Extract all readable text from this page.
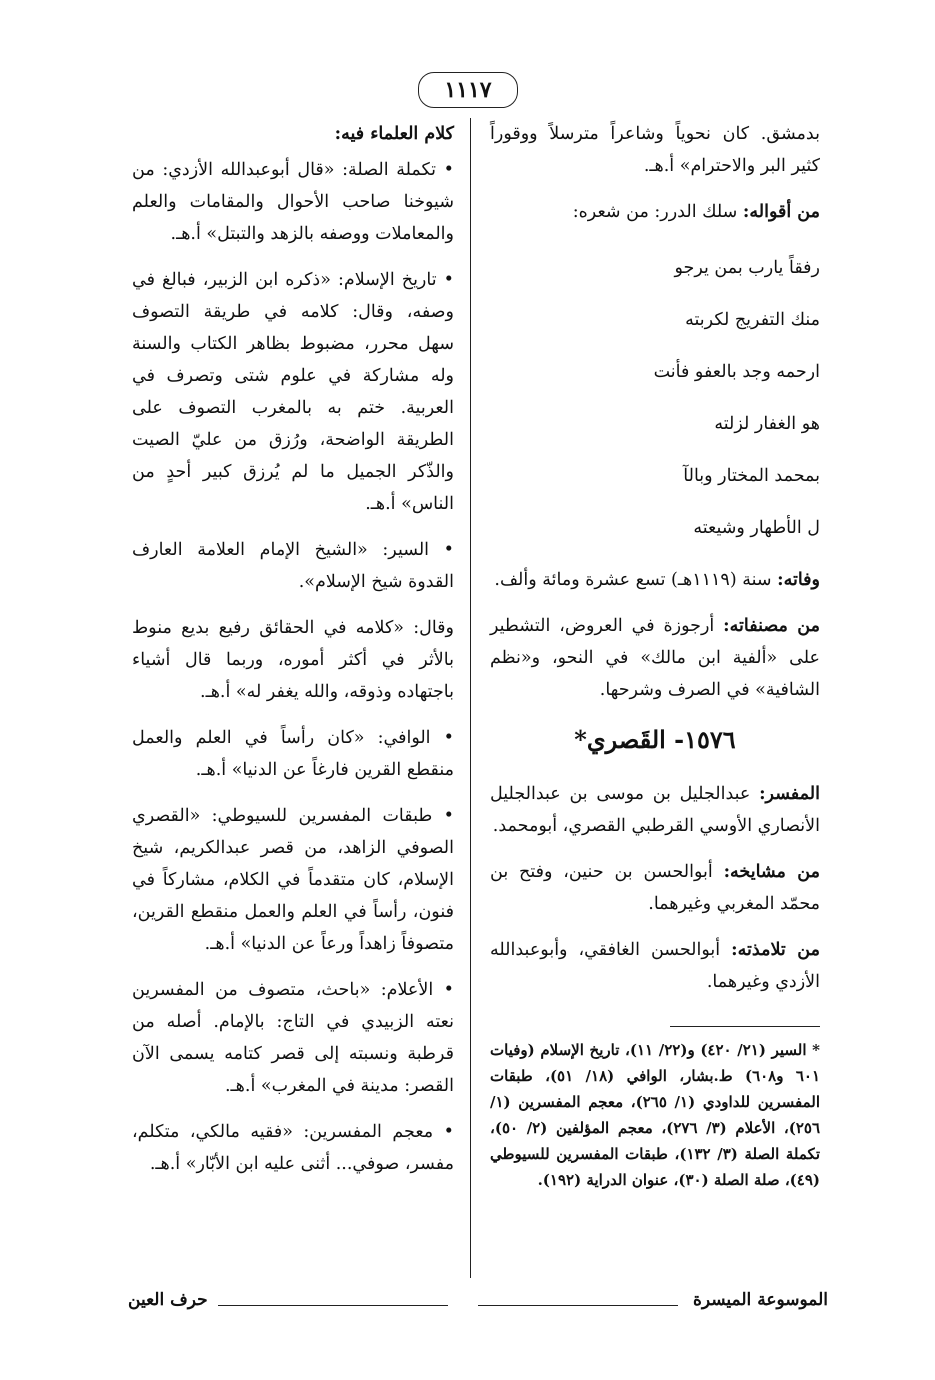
١١١٧

بدمشق. كان نحوياً وشاعراً مترسلاً ووقوراً كثير البر والاحترام» أ.هـ.

من أقواله: سلك الدرر: من شعره:

رفقاً يارب بمن يرجو
منك التفريج لكربته
ارحمه وجد بالعفو فأنت
هو الغفار لزلته
بمحمد المختار وبالآ
ل الأطهار وشيعته

وفاته: سنة (١١١٩هـ) تسع عشرة ومائة وألف.

من مصنفاته: أرجوزة في العروض، التشطير على «ألفية ابن مالك» في النحو، و«نظم الشافية» في الصرف وشرحها.

١٥٧٦- القَصري*

المفسر: عبدالجليل بن موسى بن عبدالجليل الأنصاري الأوسي القرطبي القصري، أبومحمد.

من مشايخه: أبوالحسن بن حنين، وفتح بن محمّد المغربي وغيرهما.

من تلامذته: أبوالحسن الغافقي، وأبوعبدالله الأزدي وغيرهما.

* السير (٢١/ ٤٢٠) و(٢٢/ ١١)، تاريخ الإسلام (وفيات ٦٠١ و٦٠٨) ط.بشار، الوافي (١٨/ ٥١)، طبقات المفسرين للداودي (١/ ٢٦٥)، معجم المفسرين (١/ ٢٥٦)، الأعلام (٣/ ٢٧٦)، معجم المؤلفين (٢/ ٥٠)، تكملة الصلة (٣/ ١٣٢)، طبقات المفسرين للسيوطي (٤٩)، صلة الصلة (٣٠)، عنوان الدراية (١٩٢).

كلام العلماء فيه:

• تكملة الصلة: «قال أبوعبدالله الأزدي: من شيوخنا صاحب الأحوال والمقامات والعلم والمعاملات ووصفه بالزهد والتبتل» أ.هـ.

• تاريخ الإسلام: «ذكره ابن الزبير، فبالغ في وصفه، وقال: كلامه في طريقة التصوف سهل محرر، مضبوط بظاهر الكتاب والسنة وله مشاركة في علوم شتى وتصرف في العربية. ختم به بالمغرب التصوف على الطريقة الواضحة، ورُزق من عليّ الصيت والذّكر الجميل ما لم يُرزق كبير أحدٍ من الناس» أ.هـ.

• السير: «الشيخ الإمام العلامة العارف القدوة شيخ الإسلام».

وقال: «كلامه في الحقائق رفيع بديع منوط بالأثر في أكثر أموره، وربما قال أشياء باجتهاده وذوقه، والله يغفر له» أ.هـ.

• الوافي: «كان رأساً في العلم والعمل منقطع القرين فارغاً عن الدنيا» أ.هـ.

• طبقات المفسرين للسيوطي: «القصري الصوفي الزاهد، من قصر عبدالكريم، شيخ الإسلام، كان متقدماً في الكلام، مشاركاً في فنون، رأساً في العلم والعمل منقطع القرين، متصوفاً زاهداً ورعاً عن الدنيا» أ.هـ.

• الأعلام: «باحث، متصوف من المفسرين نعته الزبيدي في التاج: بالإمام. أصله من قرطبة ونسبته إلى قصر كتامه يسمى الآن القصر: مدينة في المغرب» أ.هـ.

• معجم المفسرين: «فقيه مالكي، متكلم، مفسر، صوفي... أثنى عليه ابن الأبّار» أ.هـ.

الموسوعة الميسرة
حرف العين
